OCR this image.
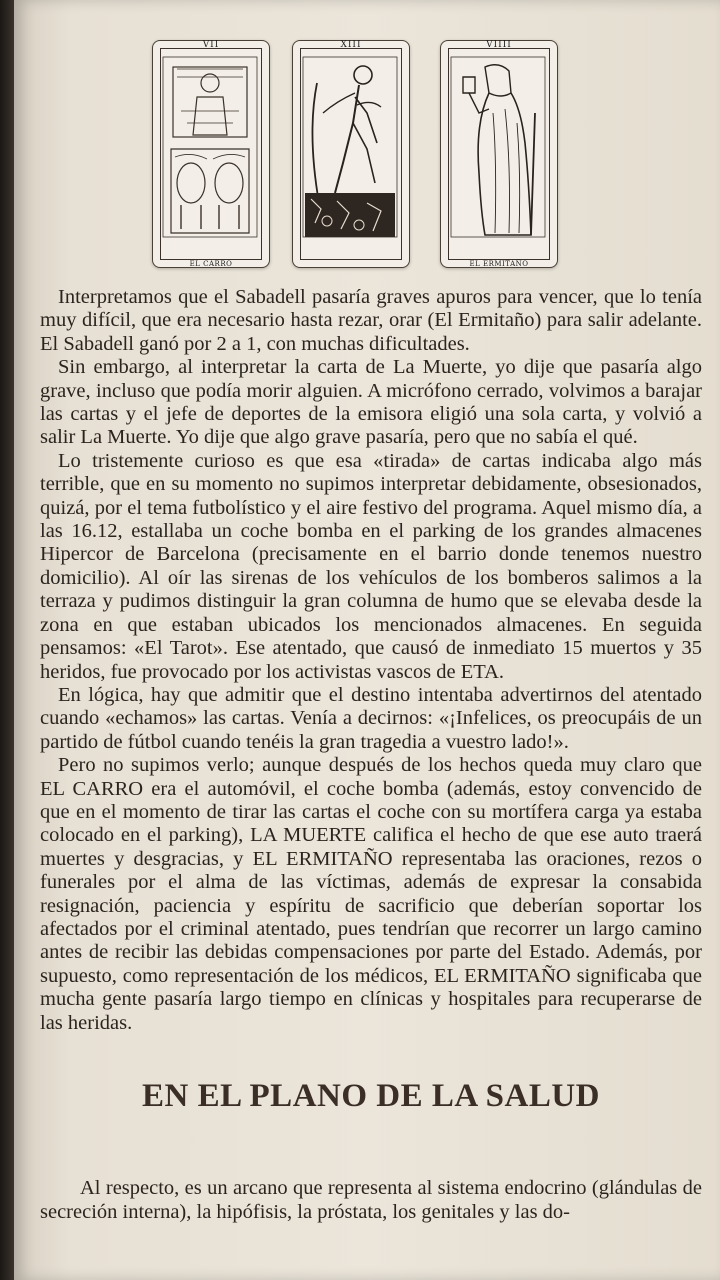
VII
EL CARRO
XIII	VIIII
EL ERMITAÑO

Interpretamos que el Sabadell pasaría graves apuros para vencer, que lo tenía muy difícil, que era necesario hasta rezar, orar (El Ermitaño) para salir adelante. El Sabadell ganó por 2 a 1, con muchas dificultades.

Sin embargo, al interpretar la carta de La Muerte, yo dije que pasaría algo grave, incluso que podía morir alguien. A micrófono cerrado, volvimos a barajar las cartas y el jefe de deportes de la emisora eligió una sola carta, y volvió a salir La Muerte. Yo dije que algo grave pasaría, pero que no sabía el qué.

Lo tristemente curioso es que esa «tirada» de cartas indicaba algo más terrible, que en su momento no supimos interpretar debidamente, obsesionados, quizá, por el tema futbolístico y el aire festivo del programa. Aquel mismo día, a las 16.12, estallaba un coche bomba en el parking de los grandes almacenes Hipercor de Barcelona (precisamente en el barrio donde tenemos nuestro domicilio). Al oír las sirenas de los vehículos de los bomberos salimos a la terraza y pudimos distinguir la gran columna de humo que se elevaba desde la zona en que estaban ubicados los mencionados almacenes. En seguida pensamos: «El Tarot». Ese atentado, que causó de inmediato 15 muertos y 35 heridos, fue provocado por los activistas vascos de ETA.

En lógica, hay que admitir que el destino intentaba advertirnos del atentado cuando «echamos» las cartas. Venía a decirnos: «¡Infelices, os preocupáis de un partido de fútbol cuando tenéis la gran tragedia a vuestro lado!».

Pero no supimos verlo; aunque después de los hechos queda muy claro que EL CARRO era el automóvil, el coche bomba (además, estoy convencido de que en el momento de tirar las cartas el coche con su mortífera carga ya estaba colocado en el parking), LA MUERTE califica el hecho de que ese auto traerá muertes y desgracias, y EL ERMITAÑO representaba las oraciones, rezos o funerales por el alma de las víctimas, además de expresar la consabida resignación, paciencia y espíritu de sacrificio que deberían soportar los afectados por el criminal atentado, pues tendrían que recorrer un largo camino antes de recibir las debidas compensaciones por parte del Estado. Además, por supuesto, como representación de los médicos, EL ERMITAÑO significaba que mucha gente pasaría largo tiempo en clínicas y hospitales para recuperarse de las heridas.

EN EL PLANO DE LA SALUD

Al respecto, es un arcano que representa al sistema endocrino (glándulas de secreción interna), la hipófisis, la próstata, los genitales y las do-
